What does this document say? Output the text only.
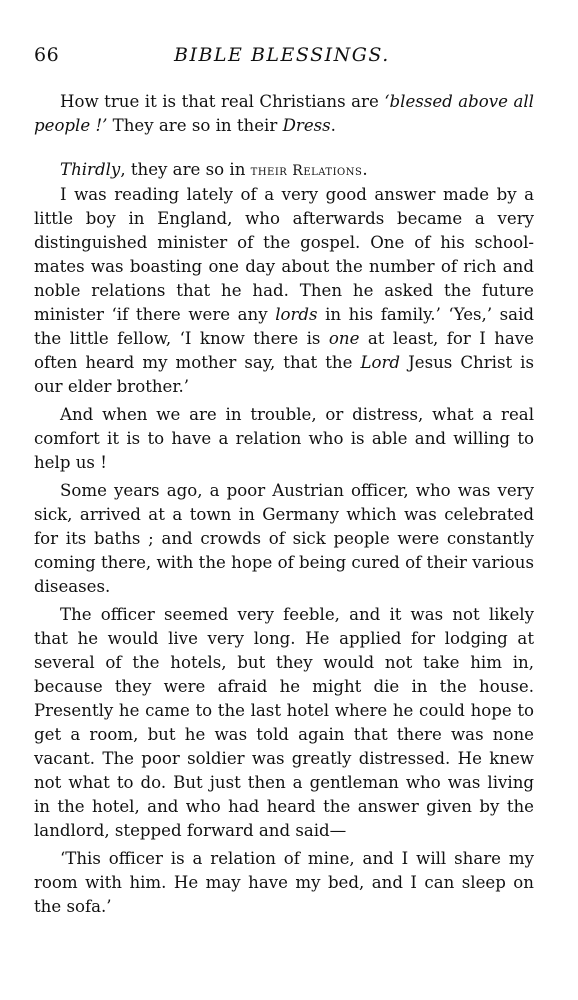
66	BIBLE BLESSINGS.

How true it is that real Christians are ‘blessed above all people !’ They are so in their Dress.

Thirdly, they are so in their Relations.

I was reading lately of a very good answer made by a little boy in England, who afterwards became a very distinguished minister of the gospel. One of his school-mates was boasting one day about the number of rich and noble relations that he had. Then he asked the future minister ‘if there were any lords in his family.’ ‘Yes,’ said the little fellow, ‘I know there is one at least, for I have often heard my mother say, that the Lord Jesus Christ is our elder brother.’

And when we are in trouble, or distress, what a real comfort it is to have a relation who is able and willing to help us !

Some years ago, a poor Austrian officer, who was very sick, arrived at a town in Germany which was celebrated for its baths ; and crowds of sick people were constantly coming there, with the hope of being cured of their various diseases.

The officer seemed very feeble, and it was not likely that he would live very long. He applied for lodging at several of the hotels, but they would not take him in, because they were afraid he might die in the house. Presently he came to the last hotel where he could hope to get a room, but he was told again that there was none vacant. The poor soldier was greatly distressed. He knew not what to do. But just then a gentleman who was living in the hotel, and who had heard the answer given by the landlord, stepped forward and said—

‘This officer is a relation of mine, and I will share my room with him. He may have my bed, and I can sleep on the sofa.’
